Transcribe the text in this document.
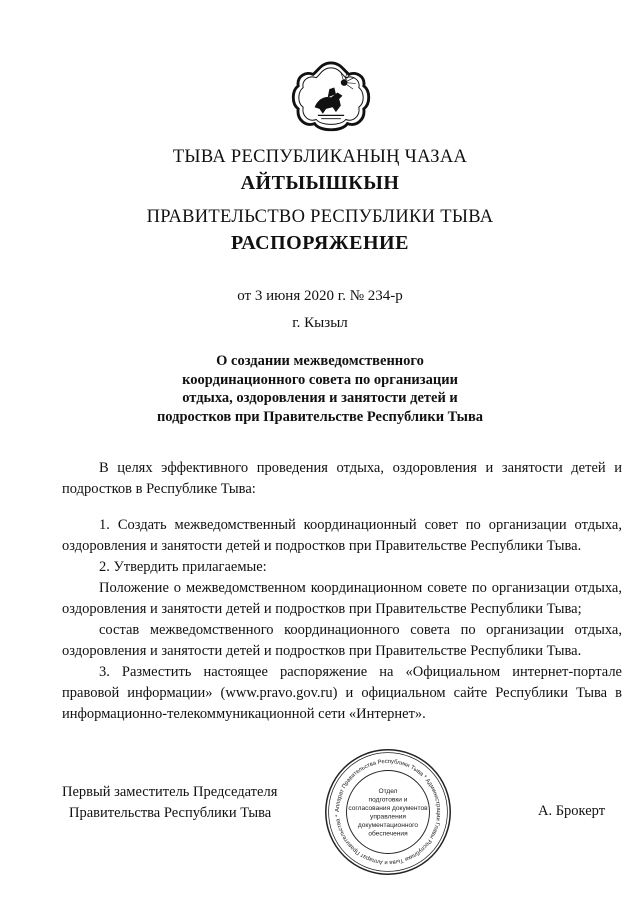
ТЫВА РЕСПУБЛИКАНЫҢ ЧАЗАА
АЙТЫЫШКЫН
ПРАВИТЕЛЬСТВО РЕСПУБЛИКИ ТЫВА
РАСПОРЯЖЕНИЕ
от 3 июня 2020 г. № 234-р
г. Кызыл
О создании межведомственного
координационного совета по организации
отдыха, оздоровления и занятости детей и
подростков при Правительстве Республики Тыва

В целях эффективного проведения отдыха, оздоровления и занятости детей и подростков в Республике Тыва:

1. Создать межведомственный координационный совет по организации отдыха, оздоровления и занятости детей и подростков при Правительстве Республики Тыва.

2. Утвердить прилагаемые:

Положение о межведомственном координационном совете по организации отдыха, оздоровления и занятости детей и подростков при Правительстве Республики Тыва;

состав межведомственного координационного совета по организации отдыха, оздоровления и занятости детей и подростков при Правительстве Республики Тыва.

3. Разместить настоящее распоряжение на «Официальном интернет-портале правовой информации» (www.pravo.gov.ru) и официальном сайте Республики Тыва в информационно-телекоммуникационной сети «Интернет».

Первый заместитель Председателя
Правительства Республики Тыва	Аппарат Правительства Республики Тыва * Администрации Главы Республики Тыва и Аппарат Правительства *
Отдел
подготовки и
согласования документов
управления
документационного
обеспечения
А. Брокерт
